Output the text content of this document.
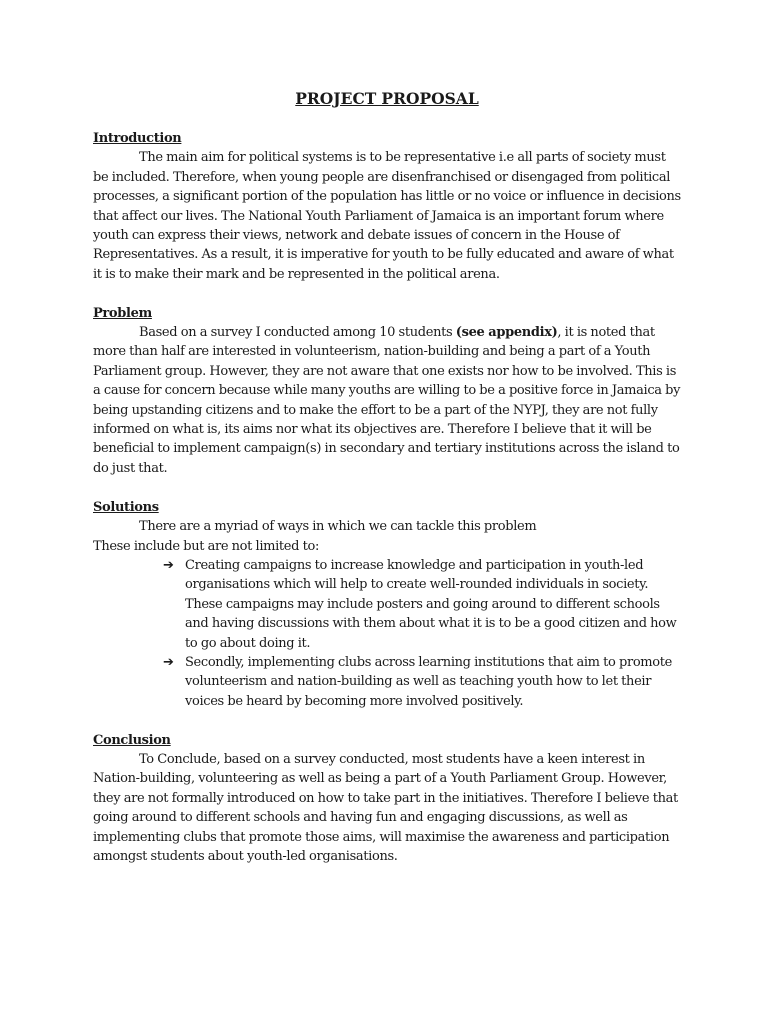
PROJECT PROPOSAL

Introduction

The main aim for political systems is to be representative i.e all parts of society must be included. Therefore, when young people are disenfranchised or disengaged from political processes, a significant portion of the population has little or no voice or influence in decisions that affect our lives. The National Youth Parliament of Jamaica is an important forum where youth can express their views, network and debate issues of concern in the House of Representatives. As a result, it is imperative for youth to be fully educated and aware of what it is to make their mark and be represented in the political arena.

Problem

Based on a survey I conducted among 10 students (see appendix), it is noted that more than half are interested in volunteerism, nation-building and being a part of a Youth Parliament group. However, they are not aware that one exists nor how to be involved. This is a cause for concern because while many youths are willing to be a positive force in Jamaica by being upstanding citizens and to make the effort to be a part of the NYPJ, they are not fully informed on what is, its aims nor what its objectives are. Therefore I believe that it will be beneficial to implement campaign(s) in secondary and tertiary institutions across the island to do just that.

Solutions

There are a myriad of ways in which we can tackle this problem

These include but are not limited to:

➔ Creating campaigns to increase knowledge and participation in youth-led organisations which will help to create well-rounded individuals in society. These campaigns may include posters and going around to different schools and having discussions with them about what it is to be a good citizen and how to go about doing it.
➔ Secondly, implementing clubs across learning institutions that aim to promote volunteerism and nation-building as well as teaching youth how to let their voices be heard by becoming more involved positively.

Conclusion

To Conclude, based on a survey conducted, most students have a keen interest in Nation-building, volunteering as well as being a part of a Youth Parliament Group. However, they are not formally introduced on how to take part in the initiatives. Therefore I believe that going around to different schools and having fun and engaging discussions, as well as implementing clubs that promote those aims, will maximise the awareness and participation amongst students about youth-led organisations.
